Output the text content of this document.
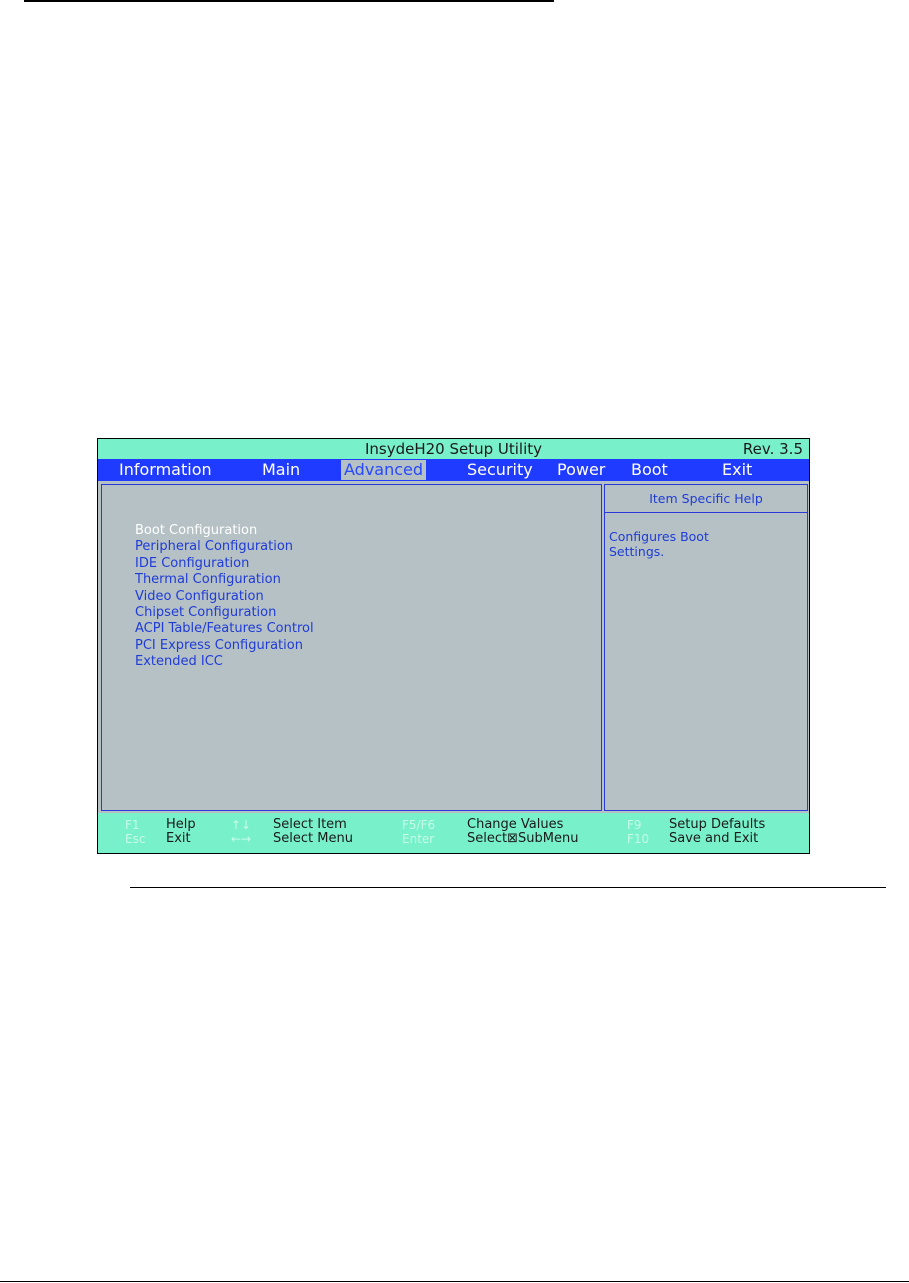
InsydeH20 Setup Utility	Rev. 3.5
Information	Main	Advanced	Security Power Boot	Exit
Boot Configuration
Peripheral Configuration
IDE Configuration
Thermal Configuration
Video Configuration
Chipset Configuration
ACPI Table/Features Control
PCI Express Configuration
Extended ICC
Item Specific Help
Configures Boot Settings.
F1 Help
Esc Exit
↑↓ Select Item
←→ Select Menu
F5/F6 Change Values
Enter	Select⊠SubMenu
F9 Setup Defaults
F10 Save and Exit
